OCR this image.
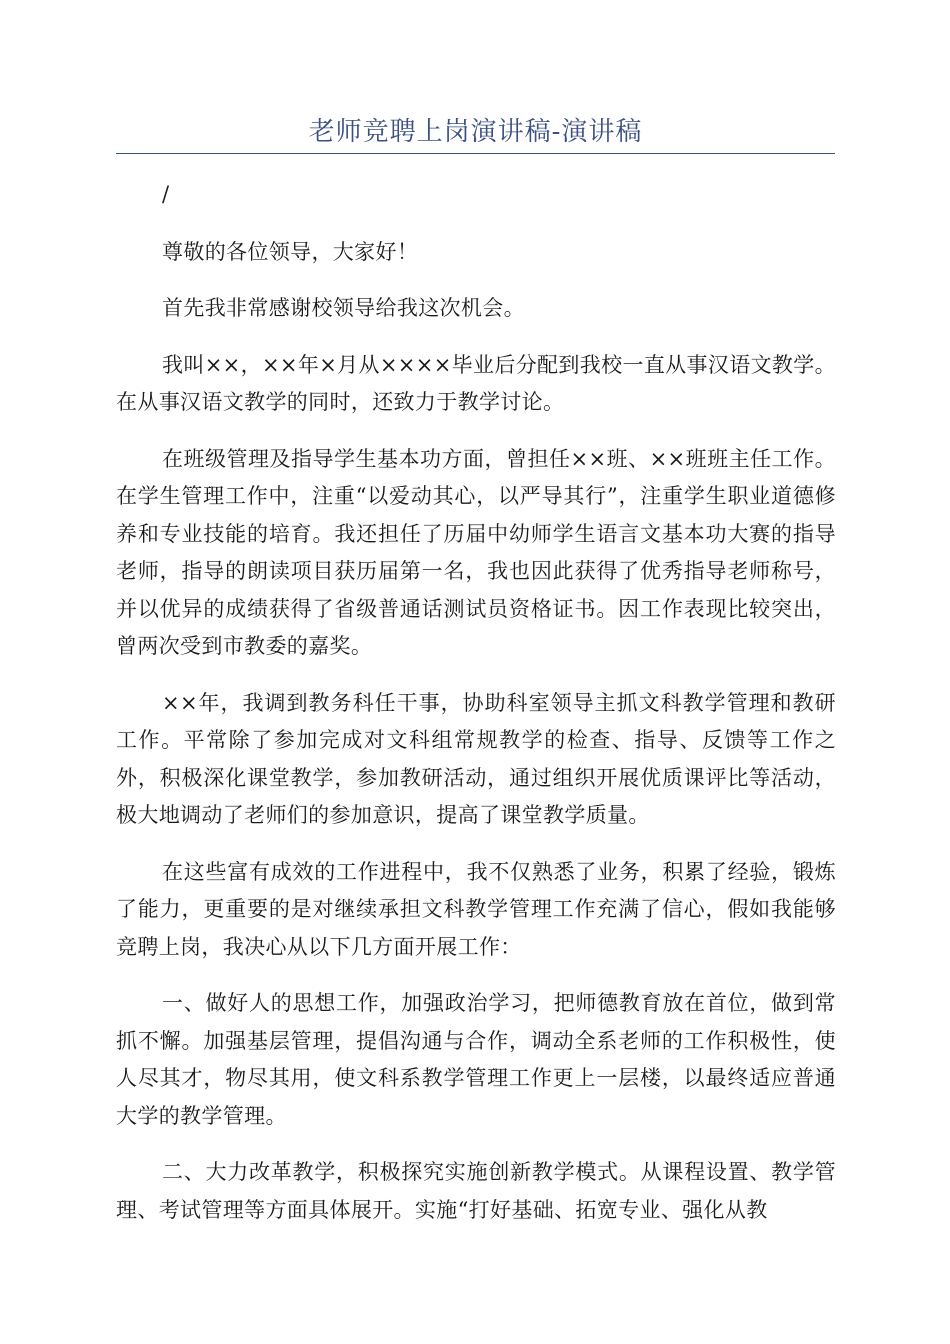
老师竞聘上岗演讲稿-演讲稿

/

尊敬的各位领导，大家好！

首先我非常感谢校领导给我这次机会。

我叫××，××年×月从××××毕业后分配到我校一直从事汉语文教学。在从事汉语文教学的同时，还致力于教学讨论。

在班级管理及指导学生基本功方面，曾担任××班、××班班主任工作。在学生管理工作中，注重“以爱动其心，以严导其行”，注重学生职业道德修养和专业技能的培育。我还担任了历届中幼师学生语言文基本功大赛的指导老师，指导的朗读项目获历届第一名，我也因此获得了优秀指导老师称号，并以优异的成绩获得了省级普通话测试员资格证书。因工作表现比较突出，曾两次受到市教委的嘉奖。

××年，我调到教务科任干事，协助科室领导主抓文科教学管理和教研工作。平常除了参加完成对文科组常规教学的检查、指导、反馈等工作之外，积极深化课堂教学，参加教研活动，通过组织开展优质课评比等活动，极大地调动了老师们的参加意识，提高了课堂教学质量。

在这些富有成效的工作进程中，我不仅熟悉了业务，积累了经验，锻炼了能力，更重要的是对继续承担文科教学管理工作充满了信心，假如我能够竞聘上岗，我决心从以下几方面开展工作：

一、做好人的思想工作，加强政治学习，把师德教育放在首位，做到常抓不懈。加强基层管理，提倡沟通与合作，调动全系老师的工作积极性，使人尽其才，物尽其用，使文科系教学管理工作更上一层楼，以最终适应普通大学的教学管理。

二、大力改革教学，积极探究实施创新教学模式。从课程设置、教学管理、考试管理等方面具体展开。实施“打好基础、拓宽专业、强化从教
